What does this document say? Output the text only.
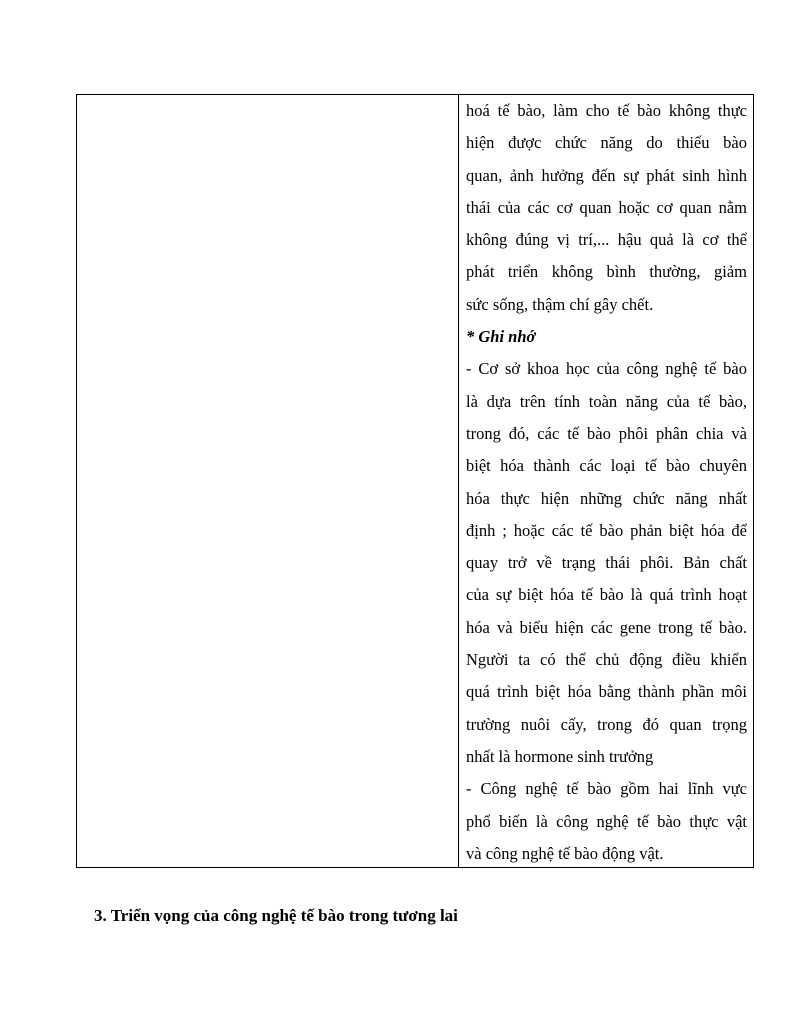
hoá tế bào, làm cho tế bào không thực
hiện được chức năng do thiếu bào
quan, ảnh hưởng đến sự phát sinh hình
thái của các cơ quan hoặc cơ quan nằm
không đúng vị trí,... hậu quả là cơ thể
phát triển không bình thường, giảm
sức sống, thậm chí gây chết.
* Ghi nhớ
- Cơ sở khoa học của công nghệ tế bào
là dựa trên tính toàn năng của tế bào,
trong đó, các tế bào phôi phân chia và
biệt hóa thành các loại tế bào chuyên
hóa thực hiện những chức năng nhất
định ; hoặc các tế bào phản biệt hóa để
quay trở về trạng thái phôi. Bản chất
của sự biệt hóa tế bào là quá trình hoạt
hóa và biểu hiện các gene trong tế bào.
Người ta có thể chủ động điều khiển
quá trình biệt hóa bằng thành phần môi
trường nuôi cấy, trong đó quan trọng
nhất là hormone sinh trưởng
- Công nghệ tế bào gồm hai lĩnh vực
phổ biến là công nghệ tế bào thực vật
và công nghệ tế bào động vật.
3. Triển vọng của công nghệ tế bào trong tương lai
